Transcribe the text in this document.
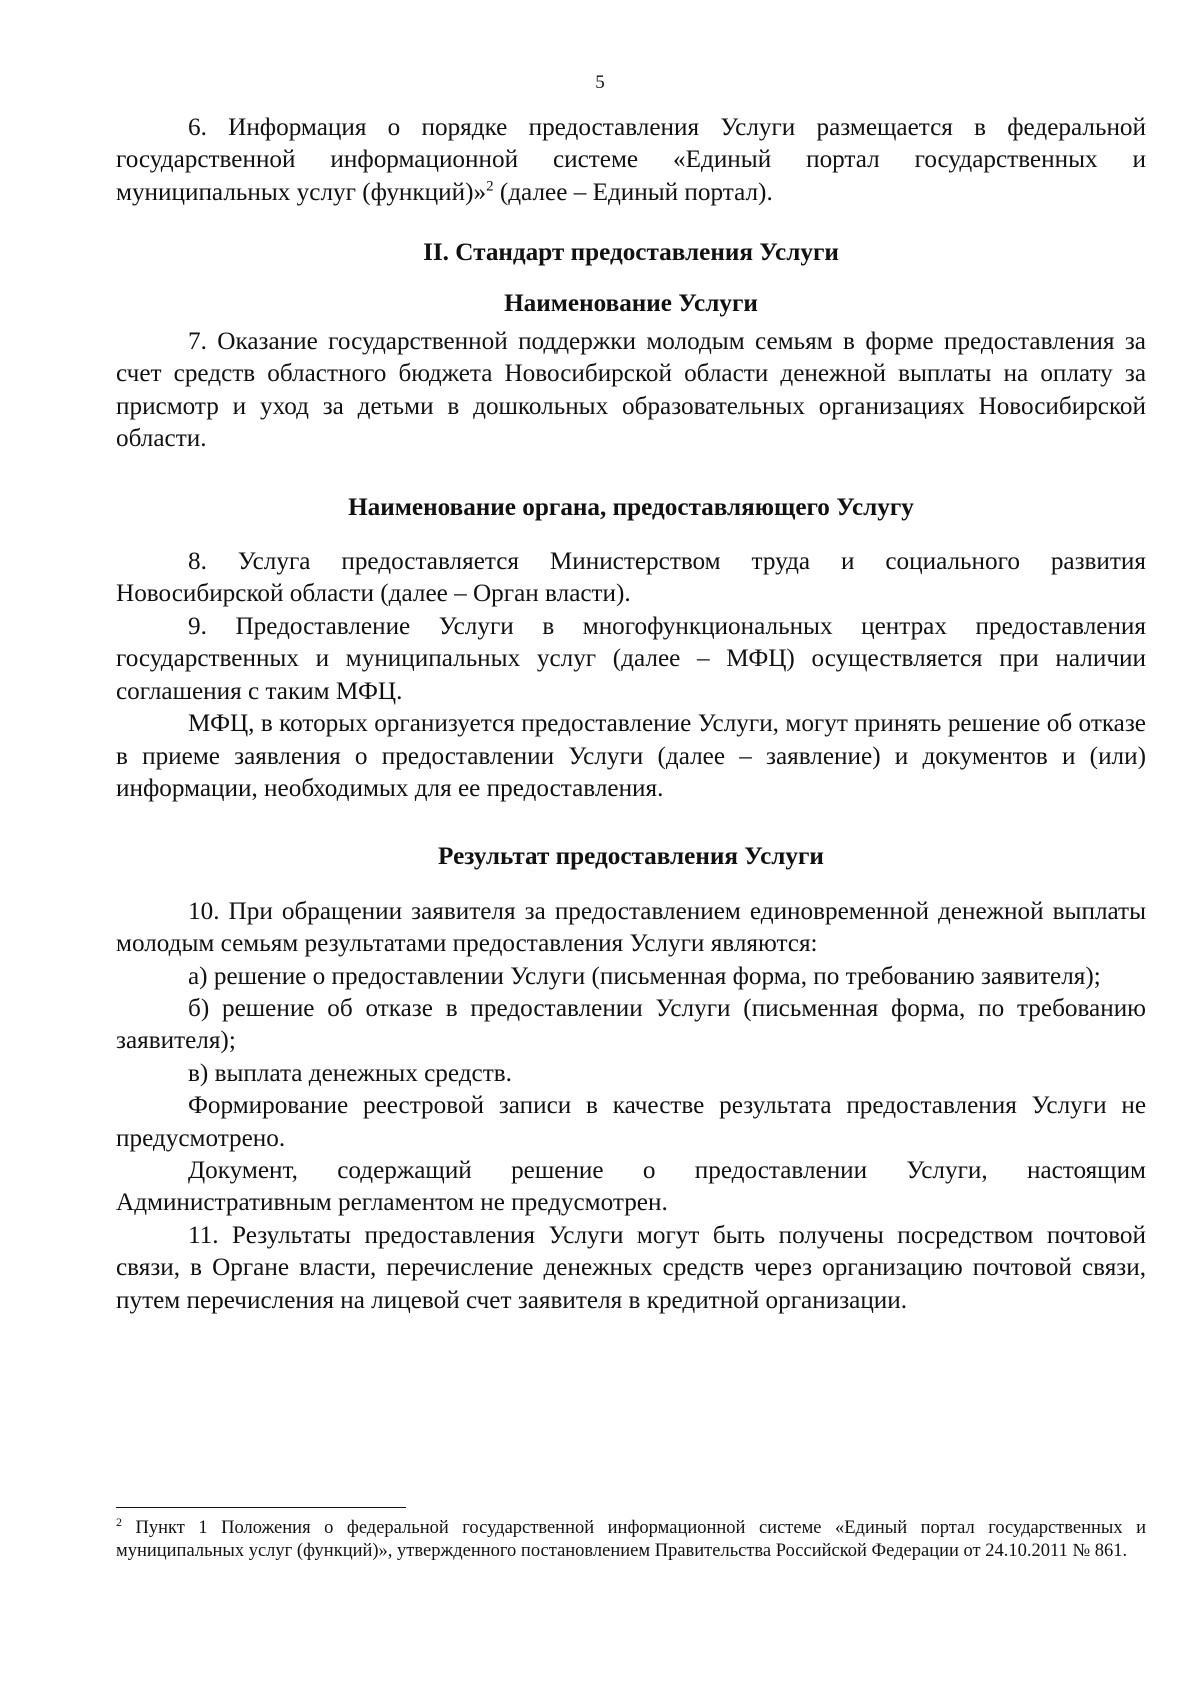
5

6. Информация о порядке предоставления Услуги размещается в федеральной государственной информационной системе «Единый портал государственных и муниципальных услуг (функций)»$^2$ (далее – Единый портал).

II. Стандарт предоставления Услуги

Наименование Услуги

7. Оказание государственной поддержки молодым семьям в форме предоставления за счет средств областного бюджета Новосибирской области денежной выплаты на оплату за присмотр и уход за детьми в дошкольных образовательных организациях Новосибирской области.

Наименование органа, предоставляющего Услугу

8. Услуга предоставляется Министерством труда и социального развития Новосибирской области (далее – Орган власти).

9. Предоставление Услуги в многофункциональных центрах предоставления государственных и муниципальных услуг (далее – МФЦ) осуществляется при наличии соглашения с таким МФЦ.

МФЦ, в которых организуется предоставление Услуги, могут принять решение об отказе в приеме заявления о предоставлении Услуги (далее – заявление) и документов и (или) информации, необходимых для ее предоставления.

Результат предоставления Услуги

10. При обращении заявителя за предоставлением единовременной денежной выплаты молодым семьям результатами предоставления Услуги являются:

а) решение о предоставлении Услуги (письменная форма, по требованию заявителя);

б) решение об отказе в предоставлении Услуги (письменная форма, по требованию заявителя);

в) выплата денежных средств.

Формирование реестровой записи в качестве результата предоставления Услуги не предусмотрено.

Документ, содержащий решение о предоставлении Услуги, настоящим Административным регламентом не предусмотрен.

11. Результаты предоставления Услуги могут быть получены посредством почтовой связи, в Органе власти, перечисление денежных средств через организацию почтовой связи, путем перечисления на лицевой счет заявителя в кредитной организации.

$^2$ Пункт 1 Положения о федеральной государственной информационной системе «Единый портал государственных и муниципальных услуг (функций)», утвержденного постановлением Правительства Российской Федерации от 24.10.2011 № 861.
